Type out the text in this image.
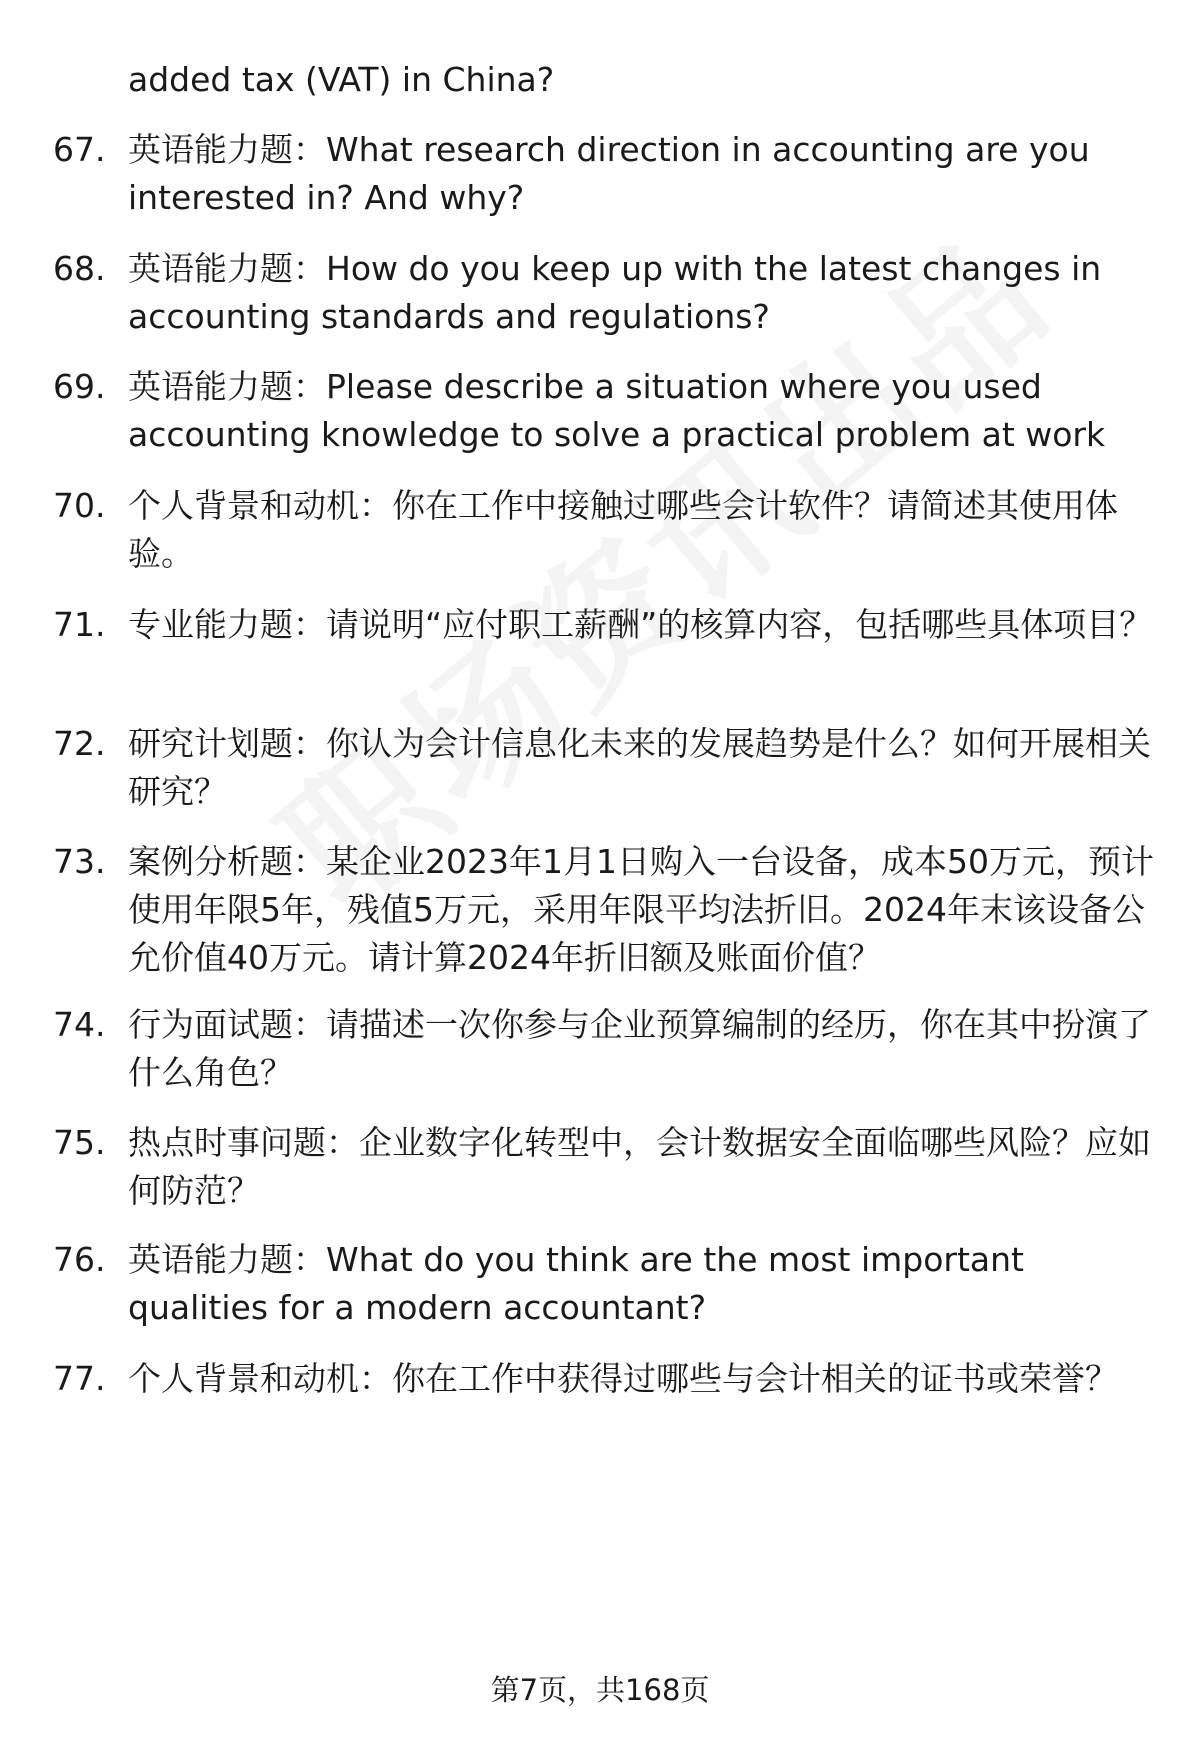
added tax (VAT) in China?

67. 英语能力题：What research direction in accounting are you interested in? And why?

68. 英语能力题：How do you keep up with the latest changes in accounting standards and regulations?

69. 英语能力题：Please describe a situation where you used accounting knowledge to solve a practical problem at work

70. 个人背景和动机：你在工作中接触过哪些会计软件？请简述其使用体验。

71. 专业能力题：请说明“应付职工薪酬”的核算内容，包括哪些具体项目？

72. 研究计划题：你认为会计信息化未来的发展趋势是什么？如何开展相关研究？

73. 案例分析题：某企业2023年1月1日购入一台设备，成本50万元，预计使用年限5年，残值5万元，采用年限平均法折旧。2024年末该设备公允价值40万元。请计算2024年折旧额及账面价值？

74. 行为面试题：请描述一次你参与企业预算编制的经历，你在其中扮演了什么角色？

75. 热点时事问题：企业数字化转型中，会计数据安全面临哪些风险？应如何防范？

76. 英语能力题：What do you think are the most important qualities for a modern accountant?

77. 个人背景和动机：你在工作中获得过哪些与会计相关的证书或荣誉？

第7页，共168页
